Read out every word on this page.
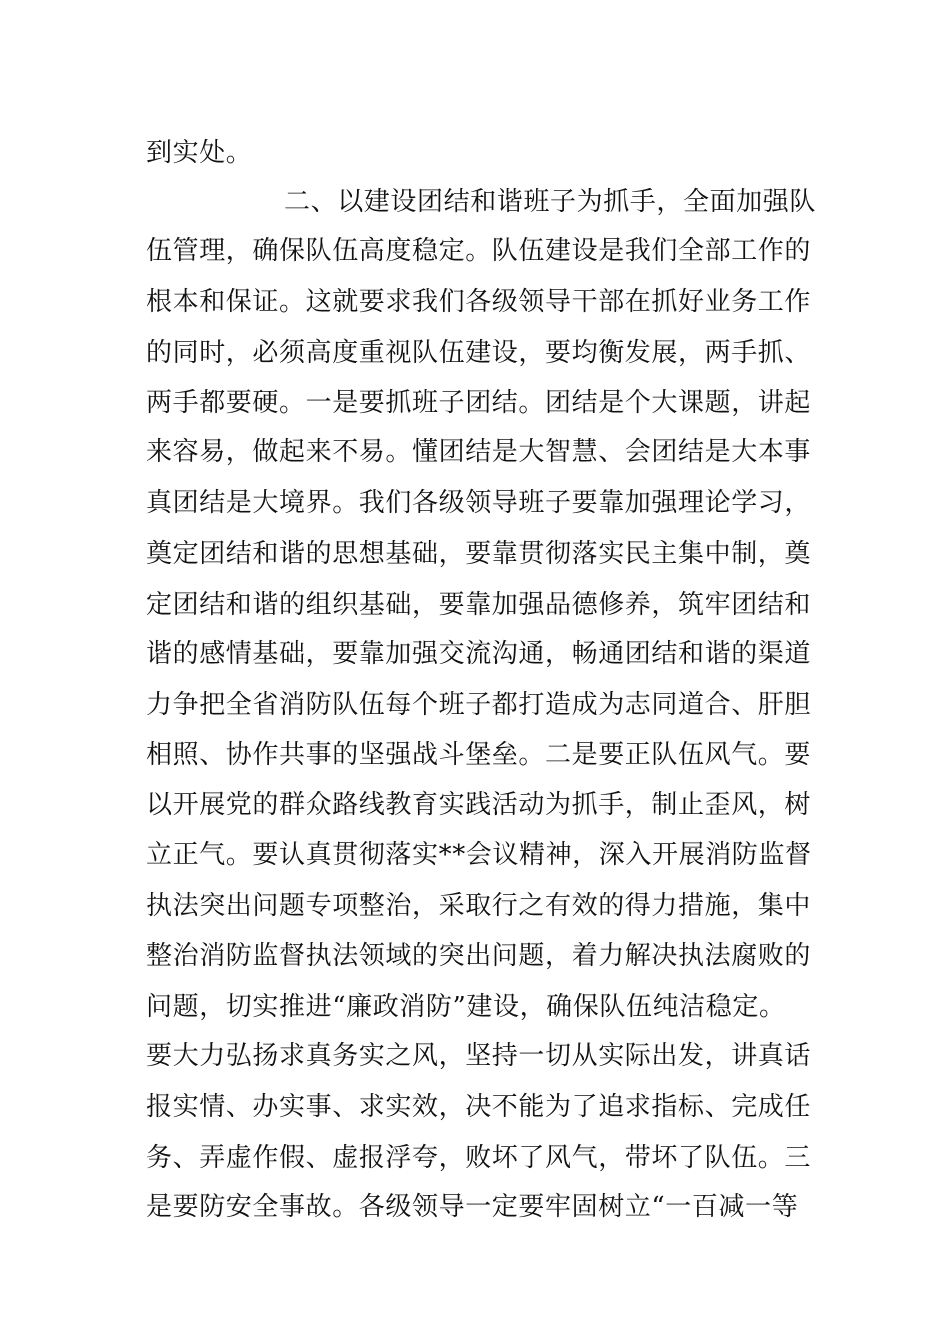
到实处。
二、以建设团结和谐班子为抓手，全面加强队
伍管理，确保队伍高度稳定。队伍建设是我们全部工作的
根本和保证。这就要求我们各级领导干部在抓好业务工作
的同时，必须高度重视队伍建设，要均衡发展，两手抓、
两手都要硬。一是要抓班子团结。团结是个大课题，讲起
来容易，做起来不易。懂团结是大智慧、会团结是大本事
真团结是大境界。我们各级领导班子要靠加强理论学习，
奠定团结和谐的思想基础，要靠贯彻落实民主集中制，奠
定团结和谐的组织基础，要靠加强品德修养，筑牢团结和
谐的感情基础，要靠加强交流沟通，畅通团结和谐的渠道
力争把全省消防队伍每个班子都打造成为志同道合、肝胆
相照、协作共事的坚强战斗堡垒。二是要正队伍风气。要
以开展党的群众路线教育实践活动为抓手，制止歪风，树
立正气。要认真贯彻落实**会议精神，深入开展消防监督
执法突出问题专项整治，采取行之有效的得力措施，集中
整治消防监督执法领域的突出问题，着力解决执法腐败的
问题，切实推进“廉政消防”建设，确保队伍纯洁稳定。
要大力弘扬求真务实之风，坚持一切从实际出发，讲真话
报实情、办实事、求实效，决不能为了追求指标、完成任
务、弄虚作假、虚报浮夸，败坏了风气，带坏了队伍。三
是要防安全事故。各级领导一定要牢固树立“一百减一等
